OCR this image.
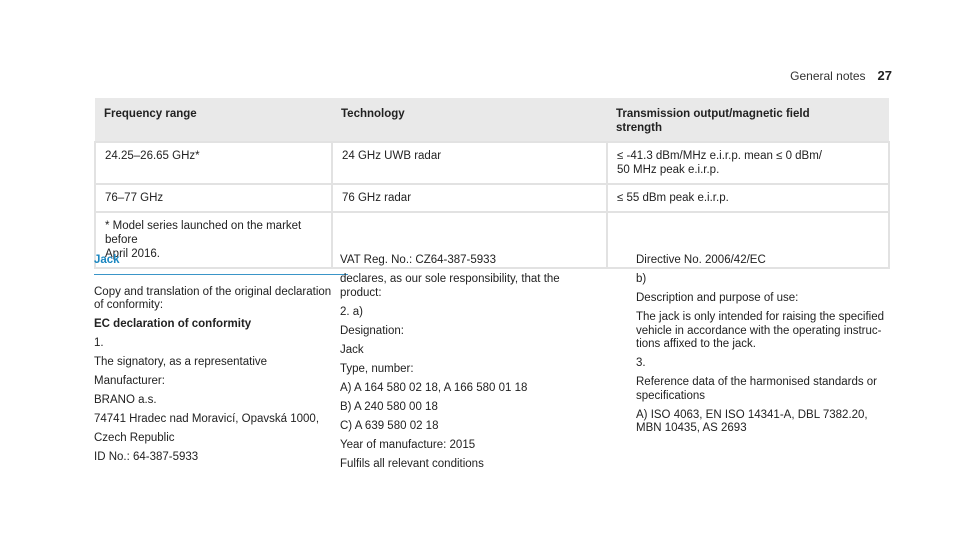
General notes 27
Frequency range	Technology	Transmission output/magnetic field
strength
24.25–26.65 GHz*	24 GHz UWB radar	≤ -41.3 dBm/MHz e.i.r.p. mean ≤ 0 dBm/
50 MHz peak e.i.r.p.
76–77 GHz	76 GHz radar	≤ 55 dBm peak e.i.r.p.
* Model series launched on the market before
April 2016.		
Jack

Copy and translation of the original declaration
of conformity:

EC declaration of conformity

1.

The signatory, as a representative

Manufacturer:

BRANO a.s.

74741 Hradec nad Moravicí, Opavská 1000,

Czech Republic

ID No.: 64-387-5933

VAT Reg. No.: CZ64-387-5933

declares, as our sole responsibility, that the
product:

2. a)

Designation:

Jack

Type, number:

A) A 164 580 02 18, A 166 580 01 18

B) A 240 580 00 18

C) A 639 580 02 18

Year of manufacture: 2015

Fulfils all relevant conditions

Directive No. 2006/42/EC

b)

Description and purpose of use:

The jack is only intended for raising the specified
vehicle in accordance with the operating instruc-
tions affixed to the jack.

3.

Reference data of the harmonised standards or
specifications

A) ISO 4063, EN ISO 14341-A, DBL 7382.20,
MBN 10435, AS 2693
